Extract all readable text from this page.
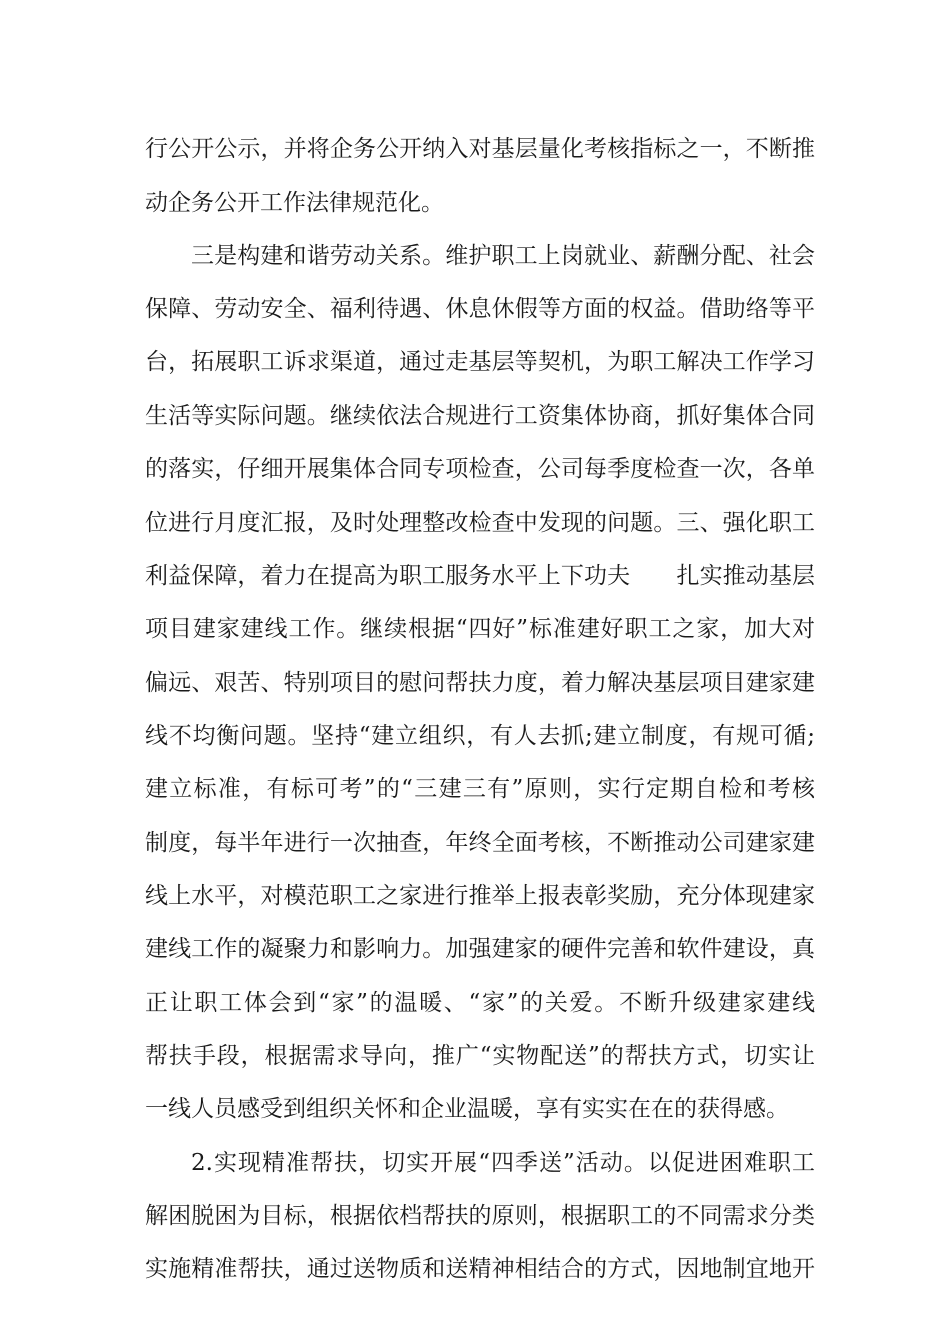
行公开公示，并将企务公开纳入对基层量化考核指标之一，不断推
动企务公开工作法律规范化。
三是构建和谐劳动关系。维护职工上岗就业、薪酬分配、社会
保障、劳动安全、福利待遇、休息休假等方面的权益。借助络等平
台，拓展职工诉求渠道，通过走基层等契机，为职工解决工作学习
生活等实际问题。继续依法合规进行工资集体协商，抓好集体合同
的落实，仔细开展集体合同专项检查，公司每季度检查一次，各单
位进行月度汇报，及时处理整改检查中发现的问题。三、强化职工
利益保障，着力在提高为职工服务水平上下功夫　　扎实推动基层
项目建家建线工作。继续根据“四好”标准建好职工之家，加大对
偏远、艰苦、特别项目的慰问帮扶力度，着力解决基层项目建家建
线不均衡问题。坚持“建立组织，有人去抓;建立制度，有规可循;
建立标准，有标可考”的“三建三有”原则，实行定期自检和考核
制度，每半年进行一次抽查，年终全面考核，不断推动公司建家建
线上水平，对模范职工之家进行推举上报表彰奖励，充分体现建家
建线工作的凝聚力和影响力。加强建家的硬件完善和软件建设，真
正让职工体会到“家”的温暖、“家”的关爱。不断升级建家建线
帮扶手段，根据需求导向，推广“实物配送”的帮扶方式，切实让
一线人员感受到组织关怀和企业温暖，享有实实在在的获得感。
2.实现精准帮扶，切实开展“四季送”活动。以促进困难职工
解困脱困为目标，根据依档帮扶的原则，根据职工的不同需求分类
实施精准帮扶，通过送物质和送精神相结合的方式，因地制宜地开
